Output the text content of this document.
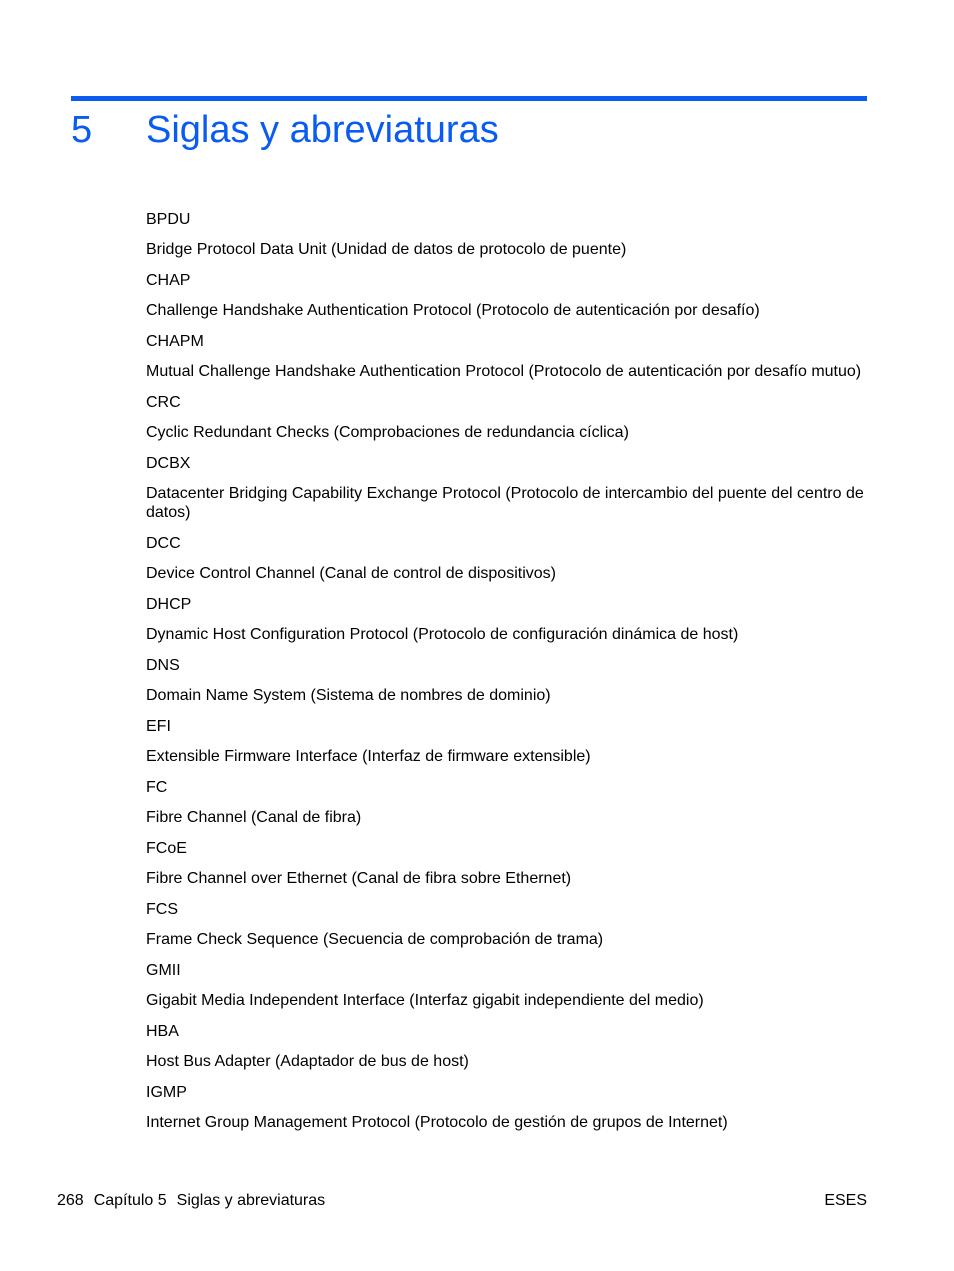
5 Siglas y abreviaturas
BPDU
Bridge Protocol Data Unit (Unidad de datos de protocolo de puente)
CHAP
Challenge Handshake Authentication Protocol (Protocolo de autenticación por desafío)
CHAPM
Mutual Challenge Handshake Authentication Protocol (Protocolo de autenticación por desafío mutuo)
CRC
Cyclic Redundant Checks (Comprobaciones de redundancia cíclica)
DCBX
Datacenter Bridging Capability Exchange Protocol (Protocolo de intercambio del puente del centro de datos)
DCC
Device Control Channel (Canal de control de dispositivos)
DHCP
Dynamic Host Configuration Protocol (Protocolo de configuración dinámica de host)
DNS
Domain Name System (Sistema de nombres de dominio)
EFI
Extensible Firmware Interface (Interfaz de firmware extensible)
FC
Fibre Channel (Canal de fibra)
FCoE
Fibre Channel over Ethernet (Canal de fibra sobre Ethernet)
FCS
Frame Check Sequence (Secuencia de comprobación de trama)
GMII
Gigabit Media Independent Interface (Interfaz gigabit independiente del medio)
HBA
Host Bus Adapter (Adaptador de bus de host)
IGMP
Internet Group Management Protocol (Protocolo de gestión de grupos de Internet)
268 Capítulo 5 Siglas y abreviaturas	ESES
